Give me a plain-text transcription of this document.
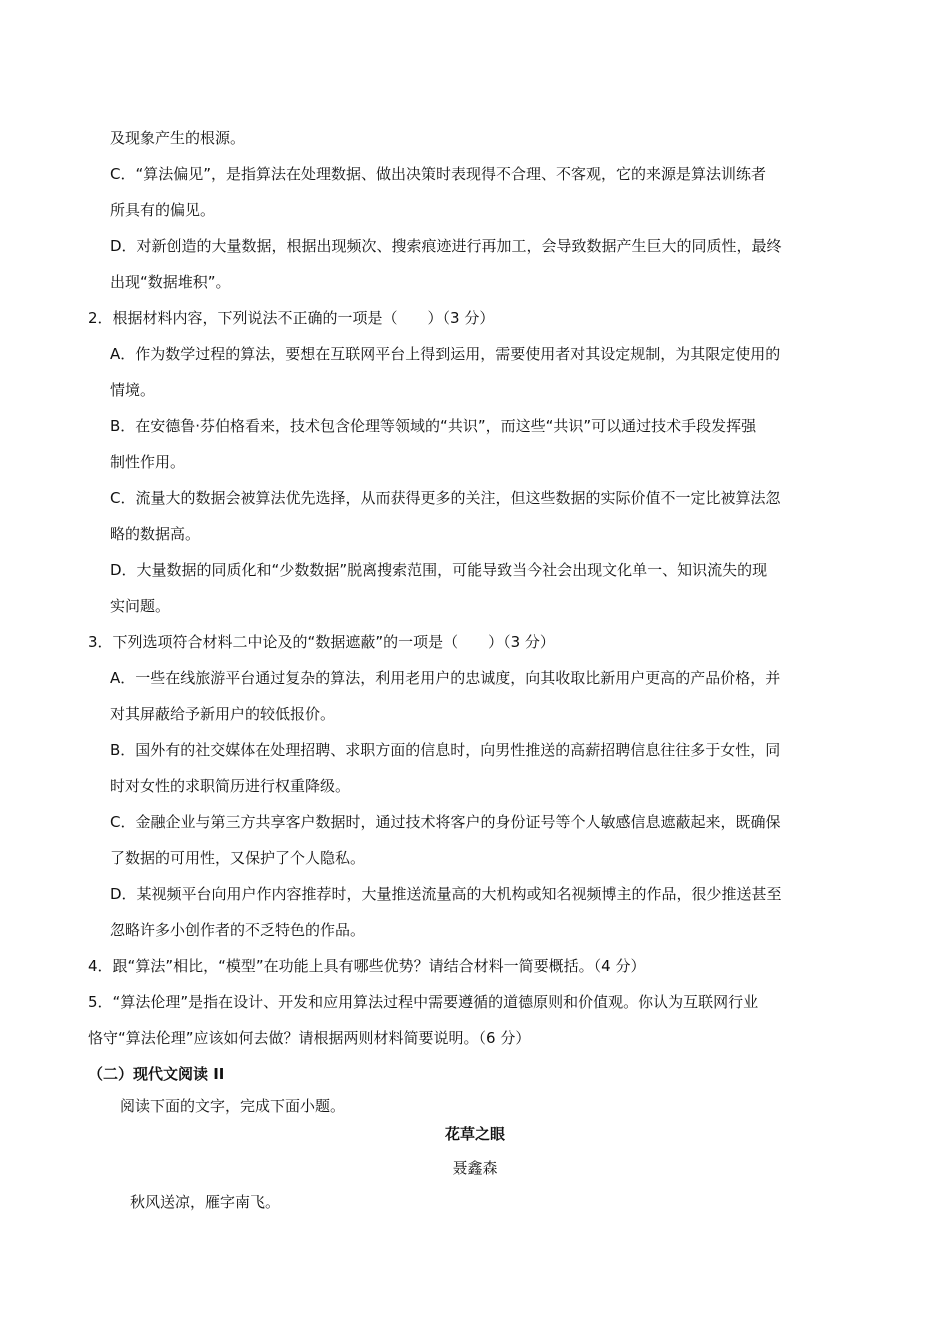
及现象产生的根源。
C．“算法偏见”，是指算法在处理数据、做出决策时表现得不合理、不客观，它的来源是算法训练者
所具有的偏见。
D．对新创造的大量数据，根据出现频次、搜索痕迹进行再加工，会导致数据产生巨大的同质性，最终
出现“数据堆积”。
2．根据材料内容，下列说法不正确的一项是（　　）（3 分）
A．作为数学过程的算法，要想在互联网平台上得到运用，需要使用者对其设定规制，为其限定使用的
情境。
B．在安德鲁·芬伯格看来，技术包含伦理等领域的“共识”，而这些“共识”可以通过技术手段发挥强
制性作用。
C．流量大的数据会被算法优先选择，从而获得更多的关注，但这些数据的实际价值不一定比被算法忽
略的数据高。
D．大量数据的同质化和“少数数据”脱离搜索范围，可能导致当今社会出现文化单一、知识流失的现
实问题。
3．下列选项符合材料二中论及的“数据遮蔽”的一项是（　　）（3 分）
A．一些在线旅游平台通过复杂的算法，利用老用户的忠诚度，向其收取比新用户更高的产品价格，并
对其屏蔽给予新用户的较低报价。
B．国外有的社交媒体在处理招聘、求职方面的信息时，向男性推送的高薪招聘信息往往多于女性，同
时对女性的求职简历进行权重降级。
C．金融企业与第三方共享客户数据时，通过技术将客户的身份证号等个人敏感信息遮蔽起来，既确保
了数据的可用性，又保护了个人隐私。
D．某视频平台向用户作内容推荐时，大量推送流量高的大机构或知名视频博主的作品，很少推送甚至
忽略许多小创作者的不乏特色的作品。
4．跟“算法”相比，“模型”在功能上具有哪些优势？请结合材料一简要概括。（4 分）
5．“算法伦理”是指在设计、开发和应用算法过程中需要遵循的道德原则和价值观。你认为互联网行业
恪守“算法伦理”应该如何去做？请根据两则材料简要说明。（6 分）
（二）现代文阅读 II
阅读下面的文字，完成下面小题。
花草之眼
聂鑫森
秋风送凉，雁字南飞。
